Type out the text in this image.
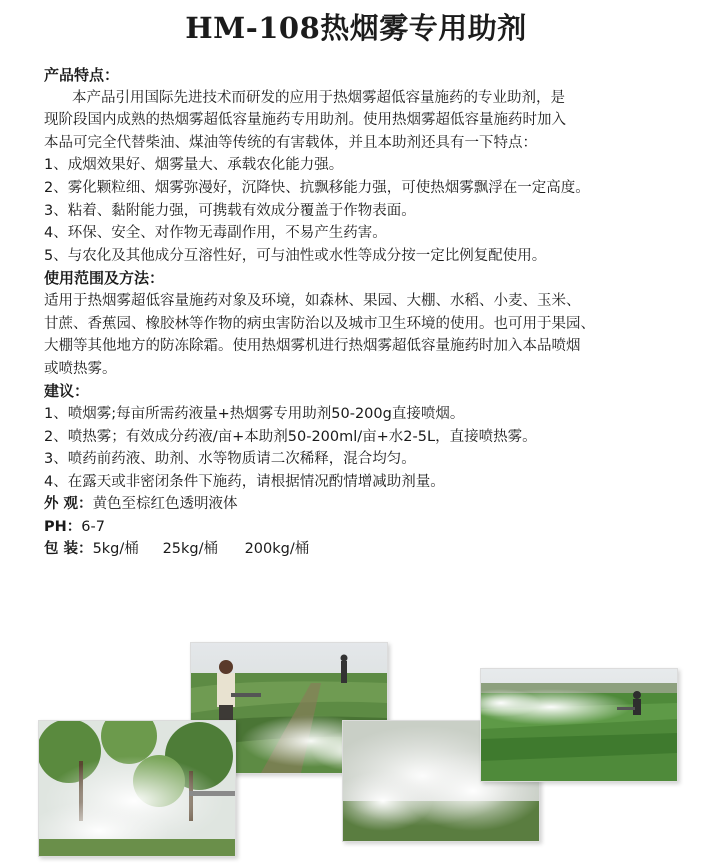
HM-108热烟雾专用助剂
产品特点：
本产品引用国际先进技术而研发的应用于热烟雾超低容量施药的专业助剂，是
现阶段国内成熟的热烟雾超低容量施药专用助剂。使用热烟雾超低容量施药时加入
本品可完全代替柴油、煤油等传统的有害载体，并且本助剂还具有一下特点：
1、成烟效果好、烟雾量大、承载农化能力强。
2、雾化颗粒细、烟雾弥漫好，沉降快、抗飘移能力强，可使热烟雾飘浮在一定高度。
3、粘着、黏附能力强，可携载有效成分覆盖于作物表面。
4、环保、安全、对作物无毒副作用，不易产生药害。
5、与农化及其他成分互溶性好，可与油性或水性等成分按一定比例复配使用。
使用范围及方法：
适用于热烟雾超低容量施药对象及环境，如森林、果园、大棚、水稻、小麦、玉米、
甘蔗、香蕉园、橡胶林等作物的病虫害防治以及城市卫生环境的使用。也可用于果园、
大棚等其他地方的防冻除霜。使用热烟雾机进行热烟雾超低容量施药时加入本品喷烟
或喷热雾。
建议：
1、喷烟雾;每亩所需药液量+热烟雾专用助剂50-200g直接喷烟。
2、喷热雾；有效成分药液/亩+本助剂50-200ml/亩+水2-5L，直接喷热雾。
3、喷药前药液、助剂、水等物质请二次稀释，混合均匀。
4、在露天或非密闭条件下施药，请根据情况酌情增减助剂量。
外 观：黄色至棕红色透明液体
PH：6-7
包 装：5kg/桶 25kg/桶 200kg/桶
